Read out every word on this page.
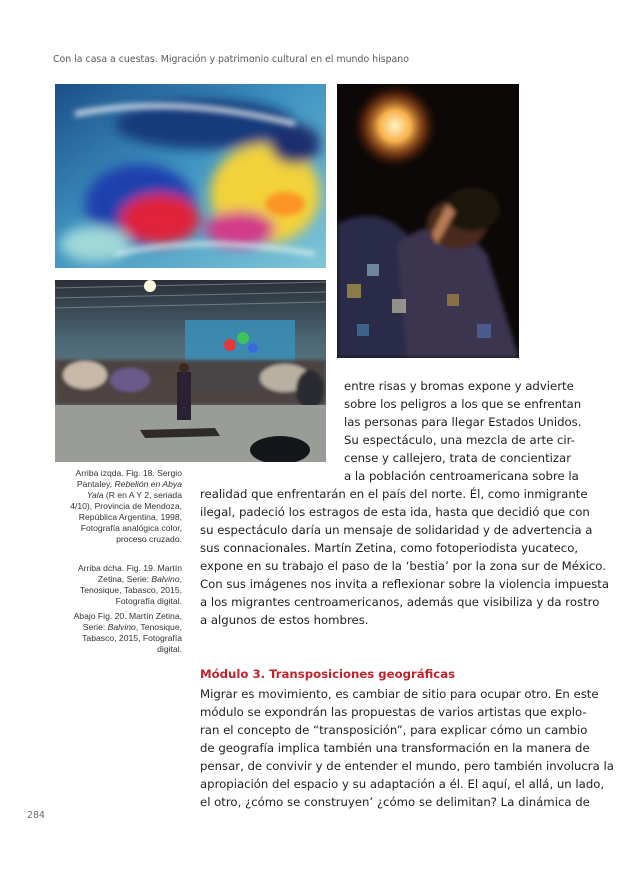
Con la casa a cuestas. Migración y patrimonio cultural en el mundo hispano
entre risas y bromas expone y advierte
sobre los peligros a los que se enfrentan
las personas para llegar Estados Unidos.
Su espectáculo, una mezcla de arte cir-
cense y callejero, trata de concientizar
a la población centroamericana sobre la
realidad que enfrentarán en el país del norte. Él, como inmigrante
ilegal, padeció los estragos de esta ida, hasta que decidió que con
su espectáculo daría un mensaje de solidaridad y de advertencia a
sus connacionales. Martín Zetina, como fotoperiodista yucateco,
expone en su trabajo el paso de la ‘bestia’ por la zona sur de México.
Con sus imágenes nos invita a reflexionar sobre la violencia impuesta
a los migrantes centroamericanos, además que visibiliza y da rostro
a algunos de estos hombres.
Arriba izqda. Fig. 18. Sergio
Pantaley, Rebelión en Abya
Yala (R en A Y 2, seriada
4/10), Provincia de Mendoza,
República Argentina, 1998,
Fotografía analógica color,
proceso cruzado.
Arriba dcha. Fig. 19. Martín
Zetina, Serie: Balvino,
Tenosique, Tabasco, 2015,
Fotografía digital.
Abajo Fig. 20. Martín Zetina,
Serie: Balvino, Tenosique,
Tabasco, 2015, Fotografía
digital.
Módulo 3. Transposiciones geográficas
Migrar es movimiento, es cambiar de sitio para ocupar otro. En este
módulo se expondrán las propuestas de varios artistas que explo-
ran el concepto de “transposición”, para explicar cómo un cambio
de geografía implica también una transformación en la manera de
pensar, de convivir y de entender el mundo, pero también involucra la
apropiación del espacio y su adaptación a él. El aquí, el allá, un lado,
el otro, ¿cómo se construyen’ ¿cómo se delimitan? La dinámica de
284
